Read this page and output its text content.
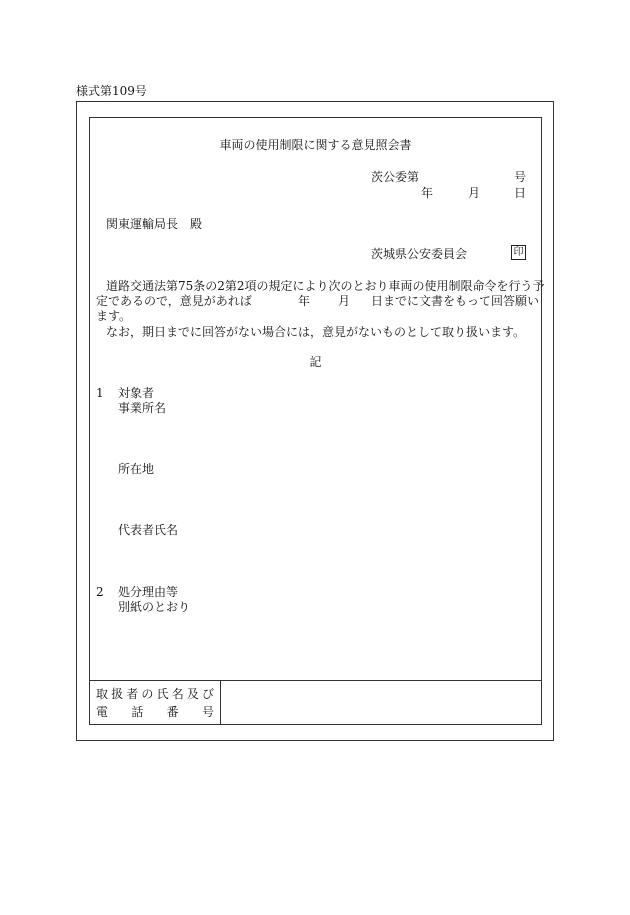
様式第109号
車両の使用制限に関する意見照会書
茨公委第	号
年	月	日
関東運輸局長　殿
茨城県公安委員会	印
道路交通法第75条の2第2項の規定により次のとおり車両の使用制限命令を行う予
定であるので，意見があれば	年 月 日までに文書をもって回答願い
ます。
なお，期日までに回答がない場合には，意見がないものとして取り扱います。
記
1 対象者
事業所名
所在地
代表者氏名
2 処分理由等
別紙のとおり
取 扱 者 の 氏 名 及 び
電 話 番 号
